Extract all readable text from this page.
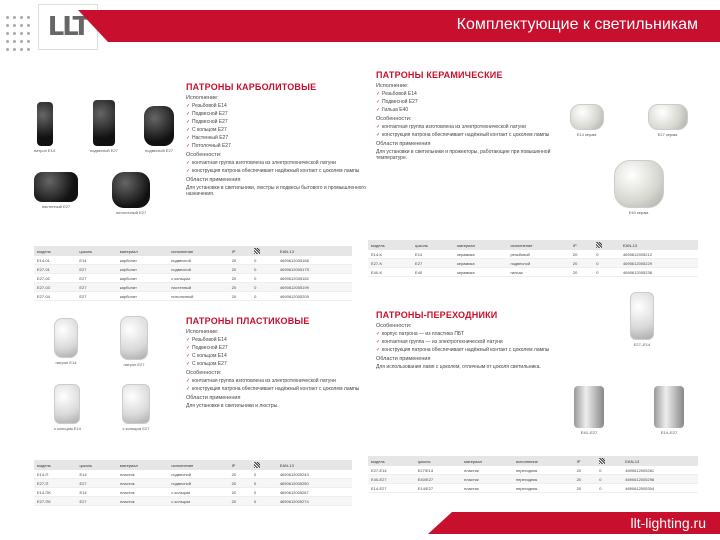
LLT	Комплектующие к светильникам
патрон E14	подвесной E27	подвесной E27
настенный E27
потолочный E27
ПАТРОНЫ КАРБОЛИТОВЫЕ
Исполнение:
✓ Резьбовой E14
✓ Подвесной E27
✓ Подвесной E27
✓ С кольцом E27
✓ Настенный E27
✓ Потолочный E27
Особенности:
✓ контактная группа изготовлена из электротехнической латуни
✓ конструкция патрона обеспечивает надёжный контакт с цоколем лампы
Области применения
Для установки в светильники, люстры и подвесы бытового и промышленного назначения.
модель	цоколь	материал	исполнение	IP		EAN-13
E14-01	E14	карболит	подвесной	20	0	4690612005168
E27-01	E27	карболит	подвесной	20	0	4690612005175
E27-02	E27	карболит	с кольцом	20	0	4690612005182
E27-03	E27	карболит	настенный	20	0	4690612005199
E27-04	E27	карболит	потолочный	20	0	4690612005205
ПАТРОНЫ КЕРАМИЧЕСКИЕ
Исполнение:
✓ Резьбовой E14
✓ Подвесной E27
✓ Гильза E40
Особенности:
✓ контактная группа изготовлена из электротехнической латуни
✓ конструкция патрона обеспечивает надёжный контакт с цоколем лампы
Области применения
Для установки в светильники и прожекторы, работающие при повышенной температуре.
E14 керам.	E27 керам.
E40 керам.
модель	цоколь	материал	исполнение	IP		EAN-13
E14-K	E14	керамика	резьбовой	20	0	4690612005212
E27-K	E27	керамика	подвесной	20	0	4690612005229
E40-K	E40	керамика	гильза	20	0	4690612005236
патрон E14	патрон E27
с кольцом E14	с кольцом E27
ПАТРОНЫ ПЛАСТИКОВЫЕ
Исполнение:
✓ Резьбовой E14
✓ Подвесной E27
✓ С кольцом E14
✓ С кольцом E27
Особенности:
✓ контактная группа изготовлена из электротехнической латуни
✓ конструкция патрона обеспечивает надёжный контакт с цоколем лампы
Области применения
Для установки в светильники и люстры.
модель	цоколь	материал	исполнение	IP		EAN-13
E14-П	E14	пластик	подвесной	20	0	4690612005243
E27-П	E27	пластик	подвесной	20	0	4690612005250
E14-ПК	E14	пластик	с кольцом	20	0	4690612005267
E27-ПК	E27	пластик	с кольцом	20	0	4690612005274
ПАТРОНЫ-ПЕРЕХОДНИКИ
Особенности:
✓ корпус патрона — из пластика ПБТ
✓ контактная группа — из электротехнической латуни
✓ конструкция патрона обеспечивает надёжный контакт с цоколем лампы
Области применения
Для использования ламп с цоколем, отличным от цоколя светильника.
E27–E14
E40–E27	E14–E27
модель	цоколь	материал	исполнение	IP		EAN-13
E27-E14	E27/E14	пластик	переходник	20	0	4690612005281
E40-E27	E40/E27	пластик	переходник	20	0	4690612005298
E14-E27	E14/E27	пластик	переходник	20	0	4690612005304
llt-lighting.ru
